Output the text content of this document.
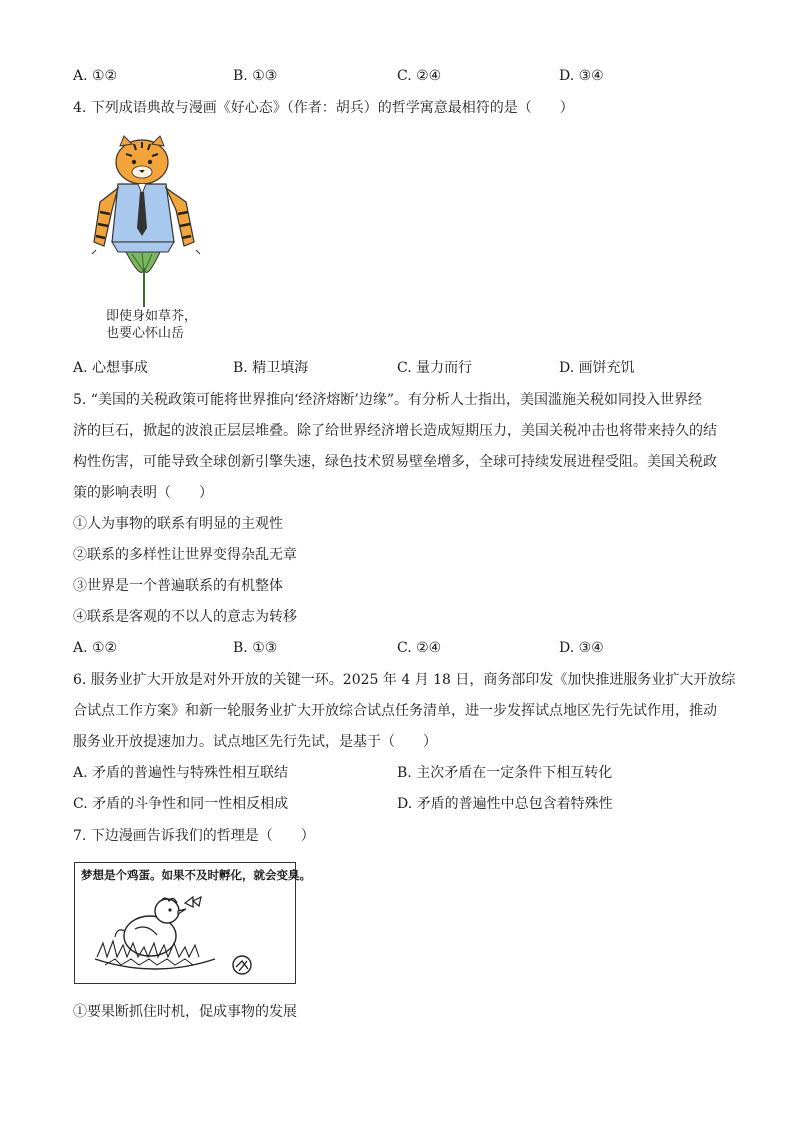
A. ①②	B. ①③	C. ②④	D. ③④
4. 下列成语典故与漫画《好心态》（作者：胡兵）的哲学寓意最相符的是（　　）
即使身如草芥，
也要心怀山岳
A. 心想事成	B. 精卫填海	C. 量力而行	D. 画饼充饥
5. “美国的关税政策可能将世界推向‘经济熔断’边缘”。有分析人士指出，美国滥施关税如同投入世界经
济的巨石，掀起的波浪正层层堆叠。除了给世界经济增长造成短期压力，美国关税冲击也将带来持久的结
构性伤害，可能导致全球创新引擎失速，绿色技术贸易壁垒增多，全球可持续发展进程受阻。美国关税政
策的影响表明（　　）
①人为事物的联系有明显的主观性
②联系的多样性让世界变得杂乱无章
③世界是一个普遍联系的有机整体
④联系是客观的不以人的意志为转移
A. ①②	B. ①③	C. ②④	D. ③④
6. 服务业扩大开放是对外开放的关键一环。2025 年 4 月 18 日，商务部印发《加快推进服务业扩大开放综
合试点工作方案》和新一轮服务业扩大开放综合试点任务清单，进一步发挥试点地区先行先试作用，推动
服务业开放提速加力。试点地区先行先试，是基于（　　）
A. 矛盾的普遍性与特殊性相互联结	B. 主次矛盾在一定条件下相互转化
C. 矛盾的斗争性和同一性相反相成	D. 矛盾的普遍性中总包含着特殊性
7. 下边漫画告诉我们的哲理是（　　）
梦想是个鸡蛋。如果不及时孵化，就会变臭。
①要果断抓住时机，促成事物的发展
